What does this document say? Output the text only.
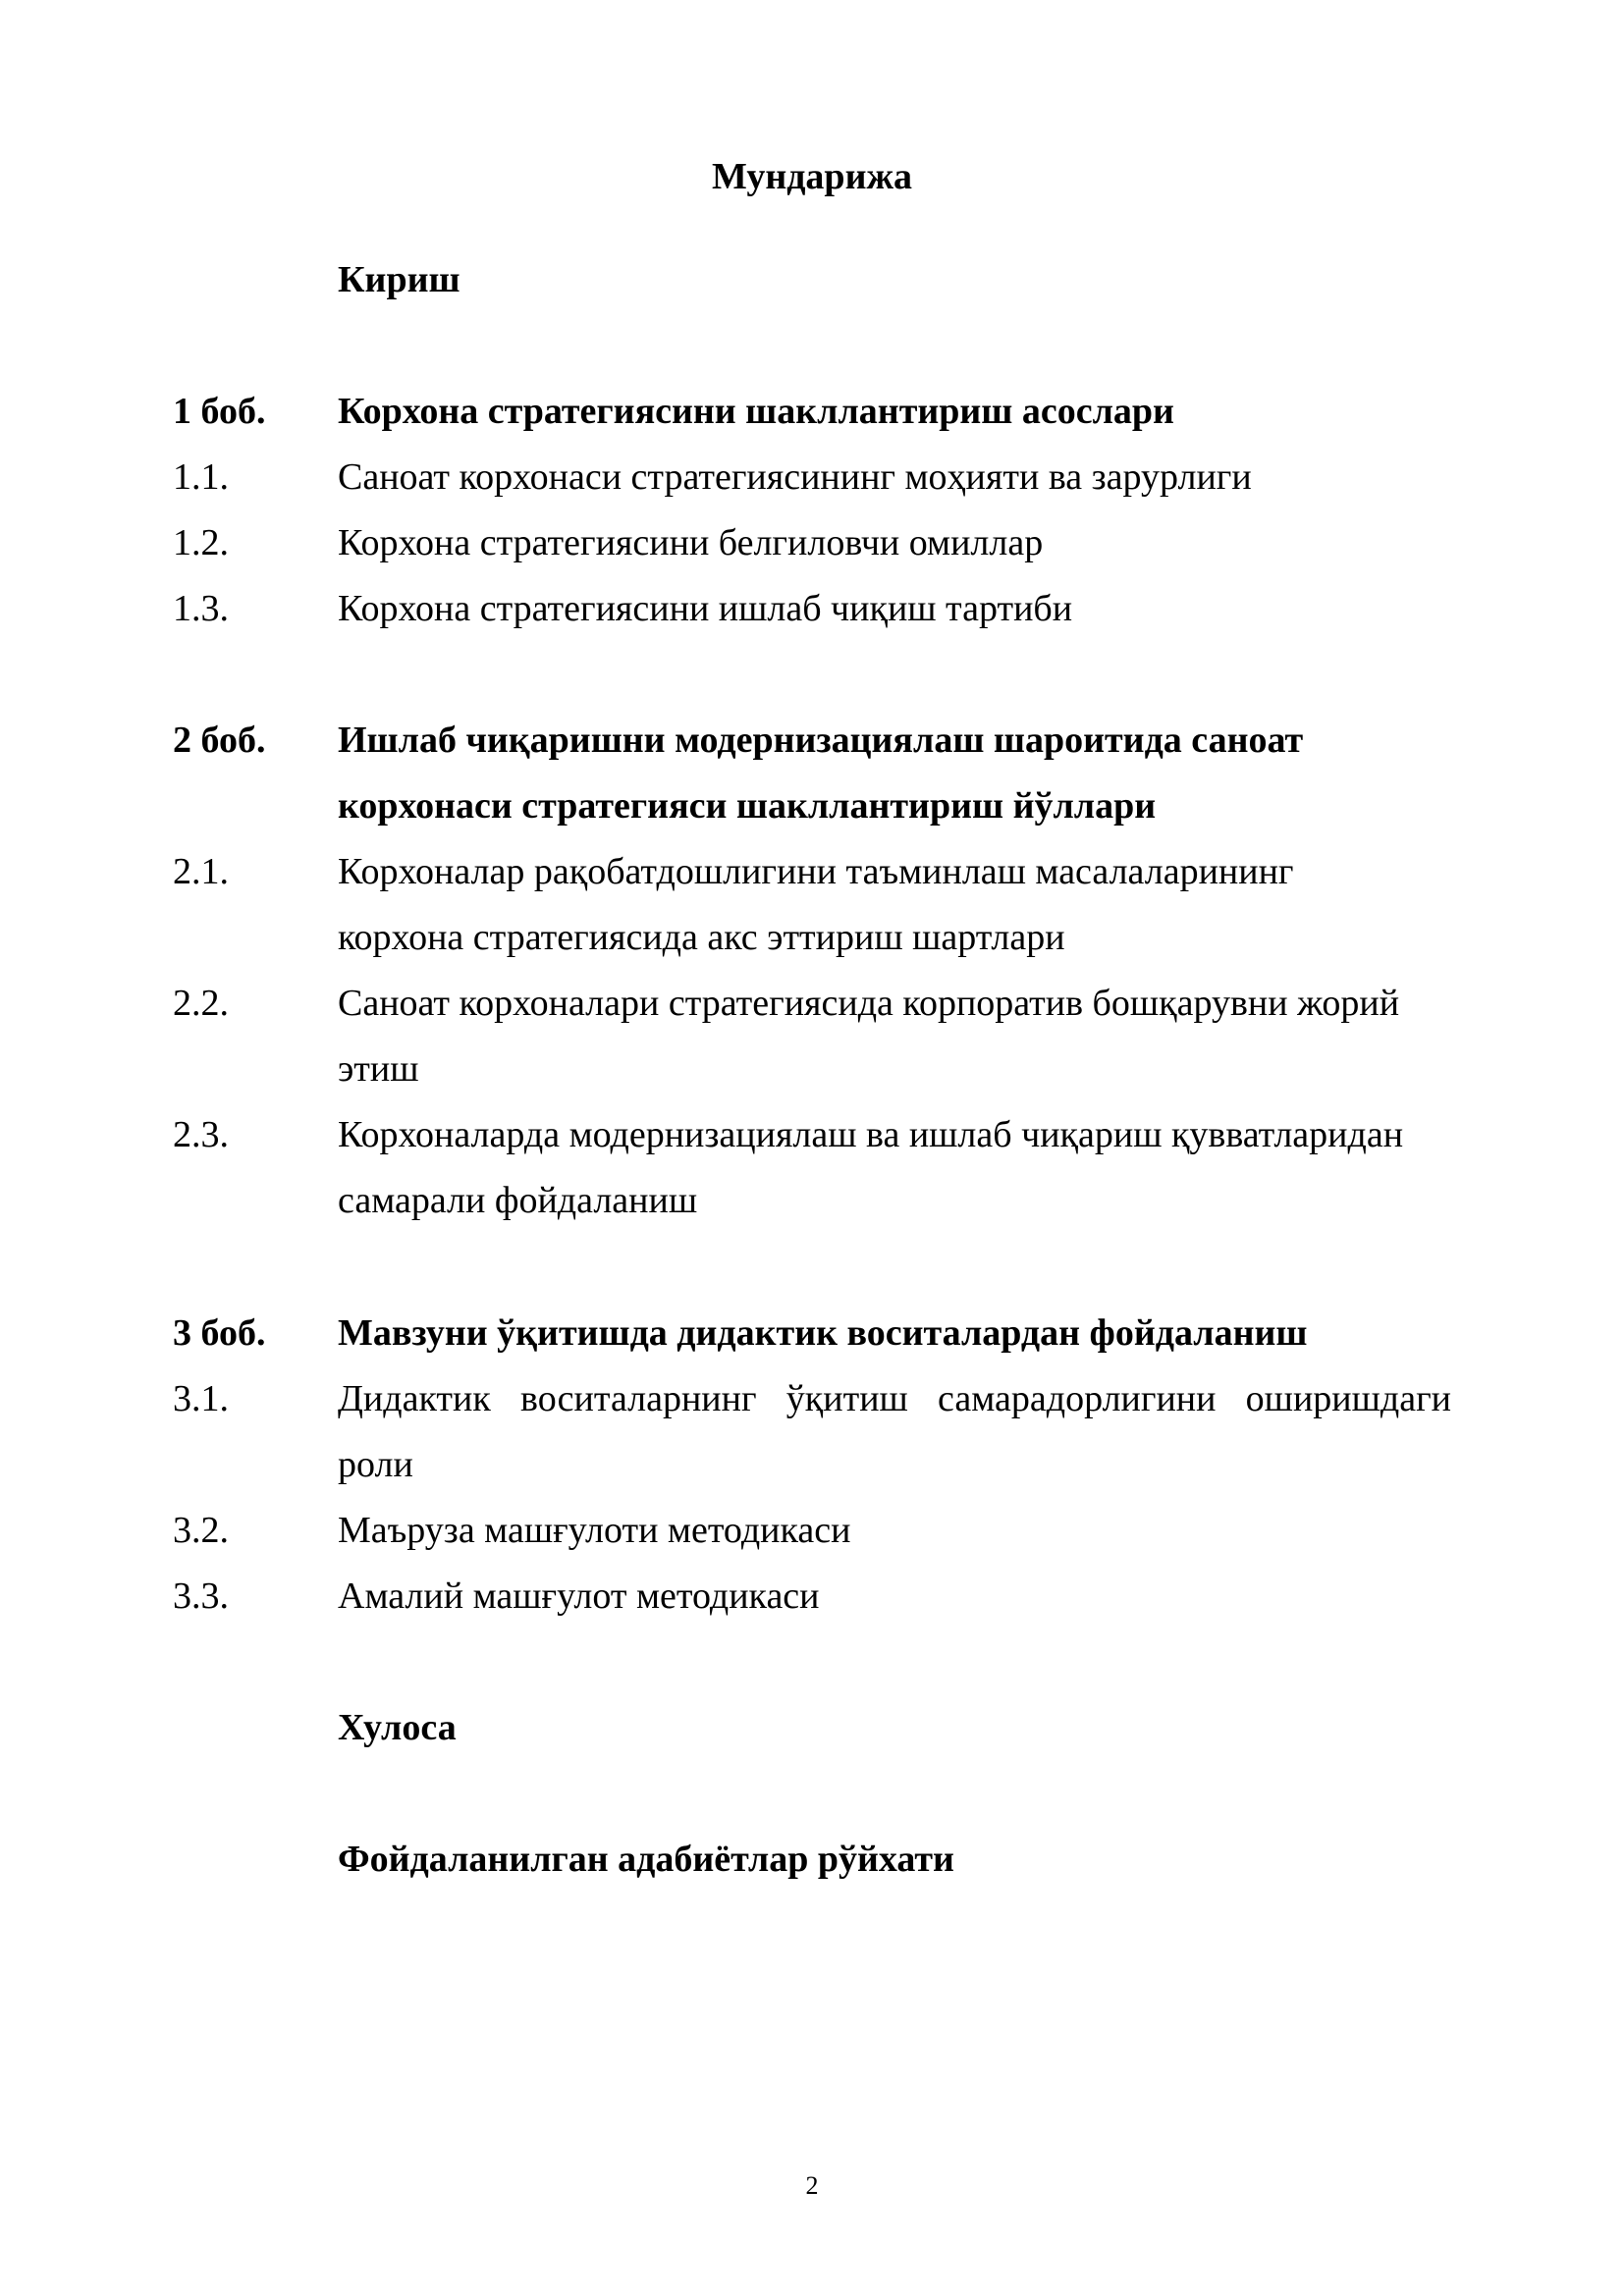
Мундарижа
Кириш
1 боб. Корхона стратегиясини шакллантириш асослари
1.1.	Саноат корхонаси стратегиясининг моҳияти ва зарурлиги
1.2.	Корхона стратегиясини белгиловчи омиллар
1.3.	Корхона стратегиясини ишлаб чиқиш тартиби
2 боб. Ишлаб чиқаришни модернизациялаш шароитида саноат
корхонаси стратегияси шакллантириш йўллари
2.1.	Корхоналар рақобатдошлигини таъминлаш масалаларининг
корхона стратегиясида акс эттириш шартлари
2.2.	Саноат корхоналари стратегиясида корпоратив бошқарувни жорий
этиш
2.3.	Корхоналарда модернизациялаш ва ишлаб чиқариш қувватларидан
самарали фойдаланиш
3 боб. Мавзуни ўқитишда дидактик воситалардан фойдаланиш
3.1.	Дидактик воситаларнинг ўқитиш самарадорлигини оширишдаги
роли
3.2.	Маъруза машғулоти методикаси
3.3.	Амалий машғулот методикаси
Хулоса
Фойдаланилган адабиётлар рўйхати
2
